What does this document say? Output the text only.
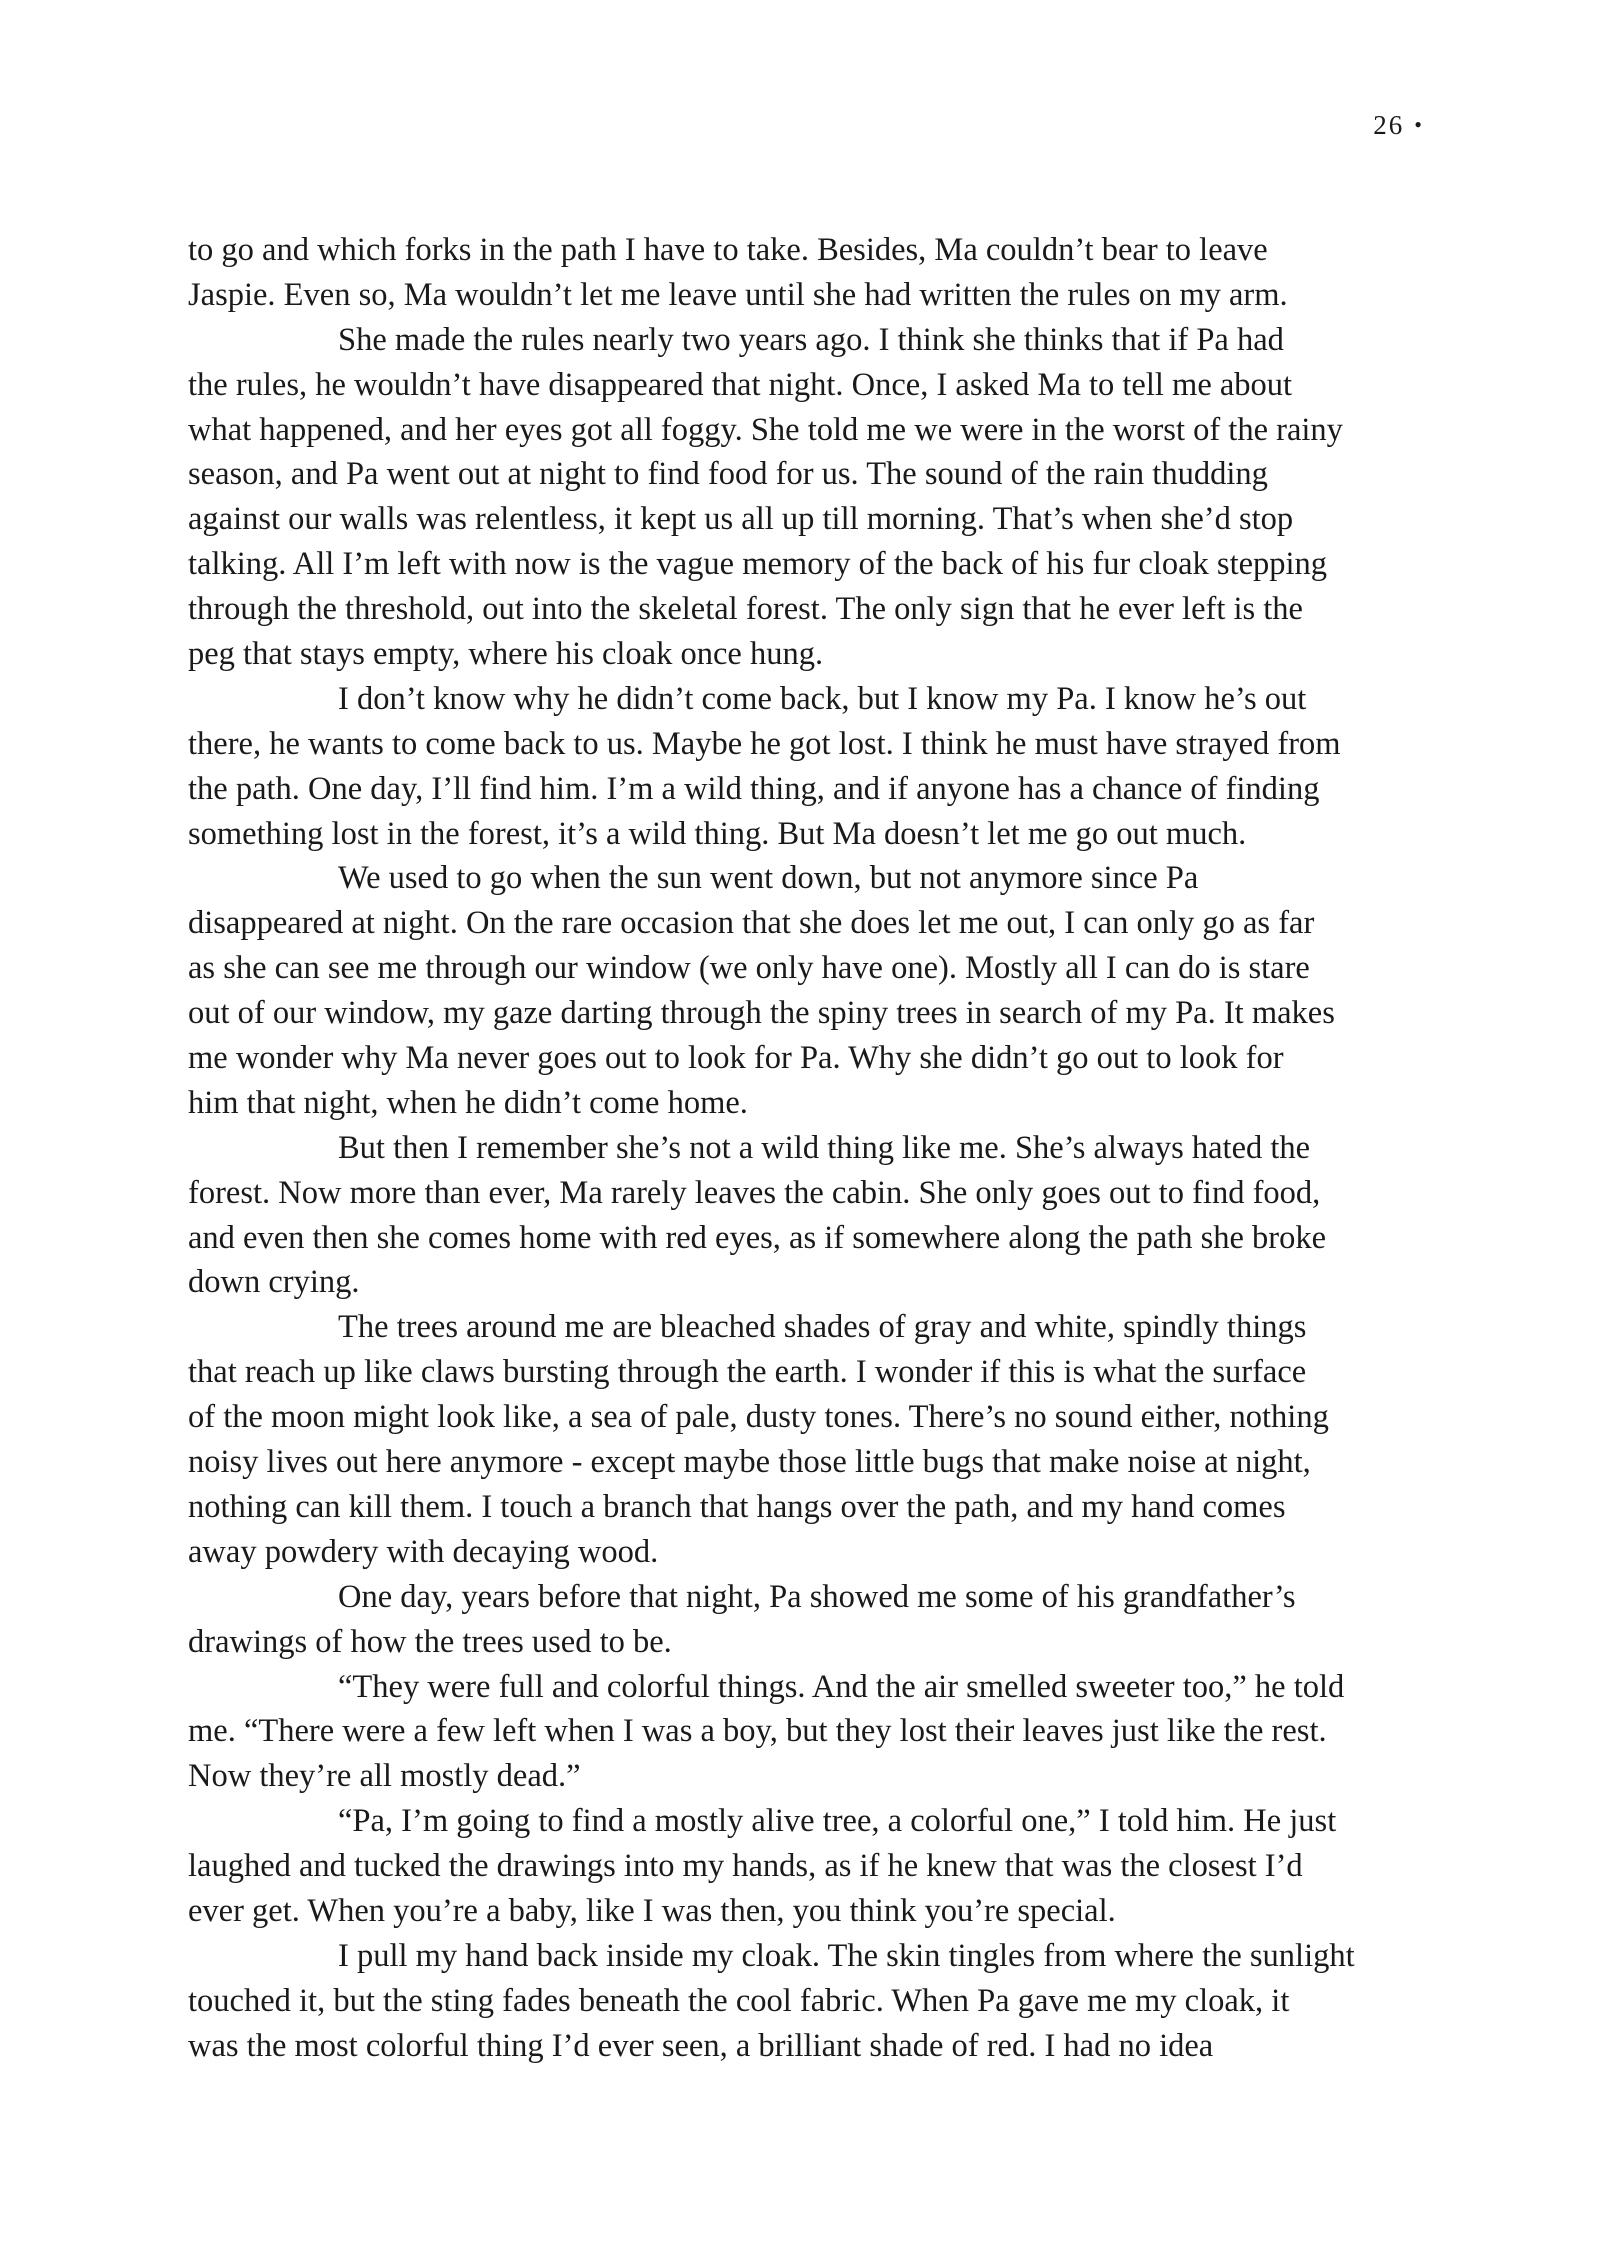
26 •
to go and which forks in the path I have to take. Besides, Ma couldn’t bear to leave
Jaspie. Even so, Ma wouldn’t let me leave until she had written the rules on my arm.
She made the rules nearly two years ago. I think she thinks that if Pa had
the rules, he wouldn’t have disappeared that night. Once, I asked Ma to tell me about
what happened, and her eyes got all foggy. She told me we were in the worst of the rainy
season, and Pa went out at night to find food for us. The sound of the rain thudding
against our walls was relentless, it kept us all up till morning. That’s when she’d stop
talking. All I’m left with now is the vague memory of the back of his fur cloak stepping
through the threshold, out into the skeletal forest. The only sign that he ever left is the
peg that stays empty, where his cloak once hung.
I don’t know why he didn’t come back, but I know my Pa. I know he’s out
there, he wants to come back to us. Maybe he got lost. I think he must have strayed from
the path. One day, I’ll find him. I’m a wild thing, and if anyone has a chance of finding
something lost in the forest, it’s a wild thing. But Ma doesn’t let me go out much.
We used to go when the sun went down, but not anymore since Pa
disappeared at night. On the rare occasion that she does let me out, I can only go as far
as she can see me through our window (we only have one). Mostly all I can do is stare
out of our window, my gaze darting through the spiny trees in search of my Pa. It makes
me wonder why Ma never goes out to look for Pa. Why she didn’t go out to look for
him that night, when he didn’t come home.
But then I remember she’s not a wild thing like me. She’s always hated the
forest. Now more than ever, Ma rarely leaves the cabin. She only goes out to find food,
and even then she comes home with red eyes, as if somewhere along the path she broke
down crying.
The trees around me are bleached shades of gray and white, spindly things
that reach up like claws bursting through the earth. I wonder if this is what the surface
of the moon might look like, a sea of pale, dusty tones. There’s no sound either, nothing
noisy lives out here anymore - except maybe those little bugs that make noise at night,
nothing can kill them. I touch a branch that hangs over the path, and my hand comes
away powdery with decaying wood.
One day, years before that night, Pa showed me some of his grandfather’s
drawings of how the trees used to be.
“They were full and colorful things. And the air smelled sweeter too,” he told
me. “There were a few left when I was a boy, but they lost their leaves just like the rest.
Now they’re all mostly dead.”
“Pa, I’m going to find a mostly alive tree, a colorful one,” I told him. He just
laughed and tucked the drawings into my hands, as if he knew that was the closest I’d
ever get. When you’re a baby, like I was then, you think you’re special.
I pull my hand back inside my cloak. The skin tingles from where the sunlight
touched it, but the sting fades beneath the cool fabric. When Pa gave me my cloak, it
was the most colorful thing I’d ever seen, a brilliant shade of red. I had no idea
